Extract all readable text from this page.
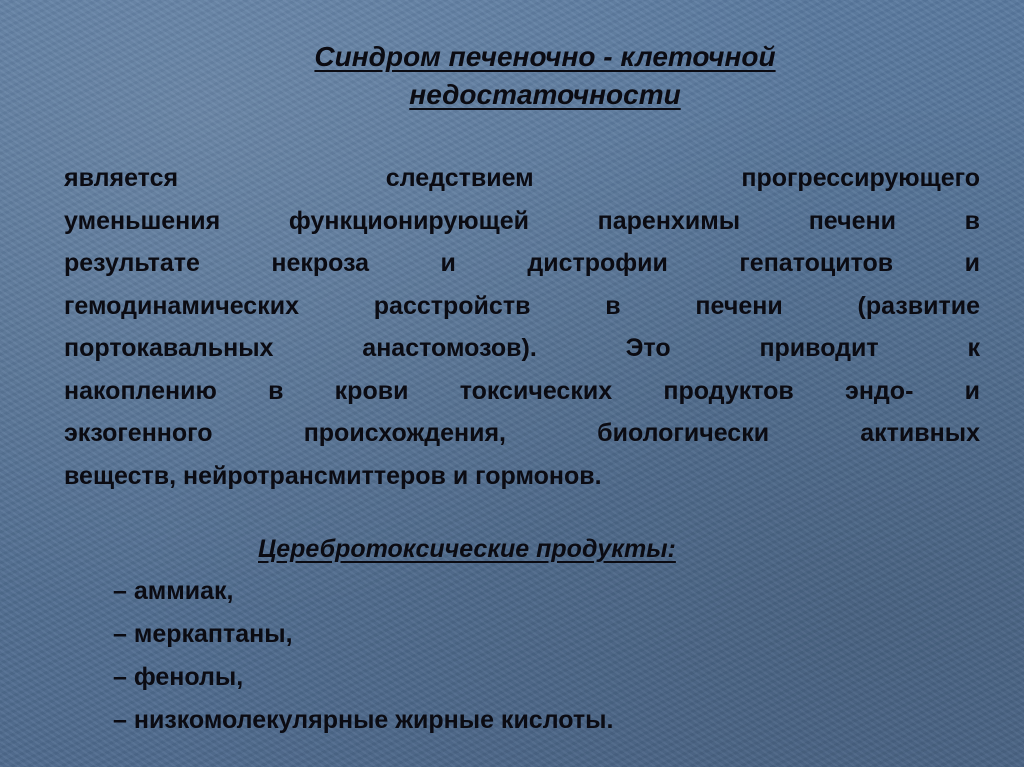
Синдром печеночно - клеточной
недостаточности
является следствием прогрессирующего
уменьшения функционирующей паренхимы печени в
результате некроза и дистрофии гепатоцитов и
гемодинамических расстройств в печени (развитие
портокавальных анастомозов). Это приводит к
накоплению в крови токсических продуктов эндо- и
экзогенного происхождения, биологически активных
веществ, нейротрансмиттеров и гормонов.
Церебротоксические продукты:
– аммиак,
– меркаптаны,
– фенолы,
– низкомолекулярные жирные кислоты.
